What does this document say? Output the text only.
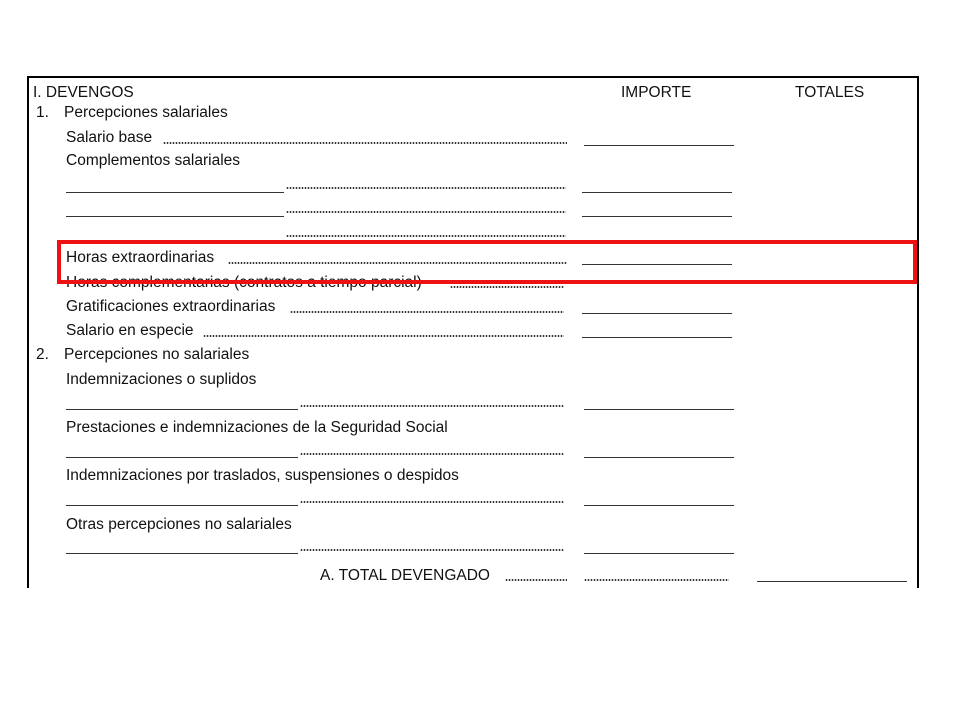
I. DEVENGOS	IMPORTE	TOTALES
1. Percepciones salariales
Salario base
Complementos salariales
Horas extraordinarias
Horas complementarias (contratos a tiempo parcial)
Gratificaciones extraordinarias
Salario en especie
2. Percepciones no salariales
Indemnizaciones o suplidos
Prestaciones e indemnizaciones de la Seguridad Social
Indemnizaciones por traslados, suspensiones o despidos
Otras percepciones no salariales
A. TOTAL DEVENGADO
